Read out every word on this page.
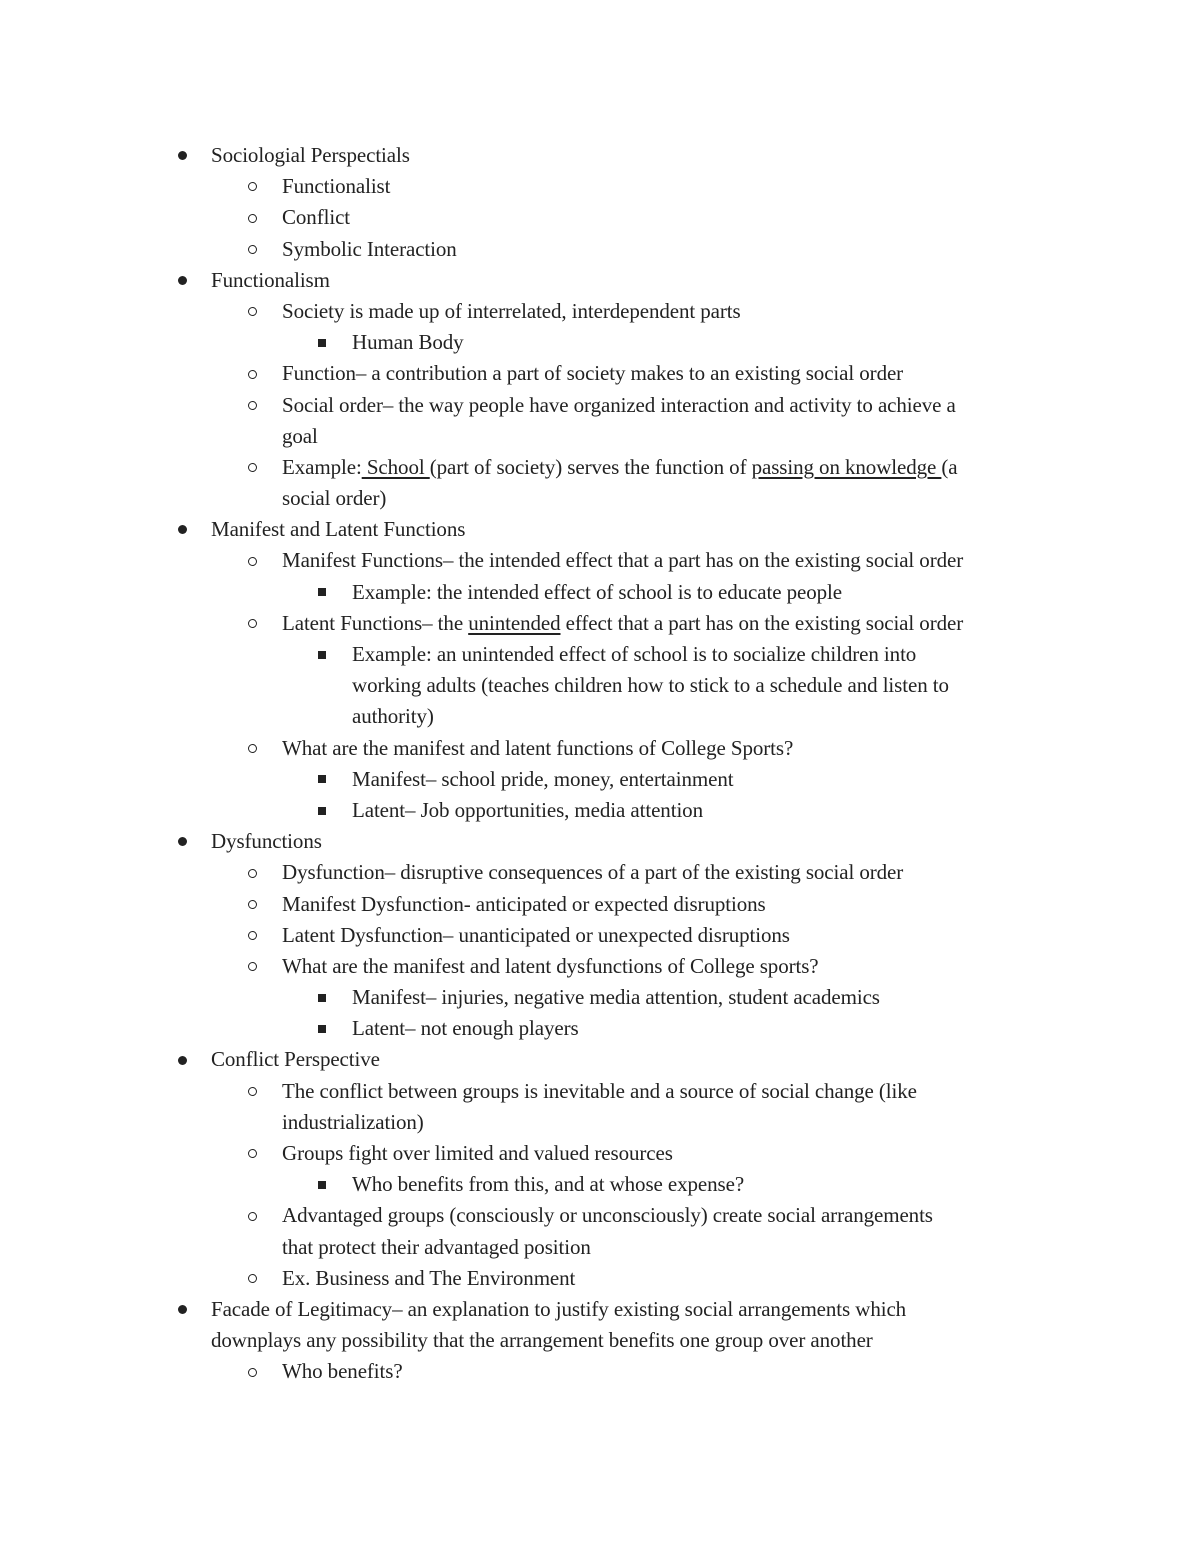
Sociologial Perspectials
Functionalist
Conflict
Symbolic Interaction
Functionalism
Society is made up of interrelated, interdependent parts
Human Body
Function– a contribution a part of society makes to an existing social order
Social order– the way people have organized interaction and activity to achieve a
goal
Example: School (part of society) serves the function of passing on knowledge (a
social order)
Manifest and Latent Functions
Manifest Functions– the intended effect that a part has on the existing social order
Example: the intended effect of school is to educate people
Latent Functions– the unintended effect that a part has on the existing social order
Example: an unintended effect of school is to socialize children into
working adults (teaches children how to stick to a schedule and listen to
authority)
What are the manifest and latent functions of College Sports?
Manifest– school pride, money, entertainment
Latent– Job opportunities, media attention
Dysfunctions
Dysfunction– disruptive consequences of a part of the existing social order
Manifest Dysfunction- anticipated or expected disruptions
Latent Dysfunction– unanticipated or unexpected disruptions
What are the manifest and latent dysfunctions of College sports?
Manifest– injuries, negative media attention, student academics
Latent– not enough players
Conflict Perspective
The conflict between groups is inevitable and a source of social change (like
industrialization)
Groups fight over limited and valued resources
Who benefits from this, and at whose expense?
Advantaged groups (consciously or unconsciously) create social arrangements
that protect their advantaged position
Ex. Business and The Environment
Facade of Legitimacy– an explanation to justify existing social arrangements which
downplays any possibility that the arrangement benefits one group over another
Who benefits?
